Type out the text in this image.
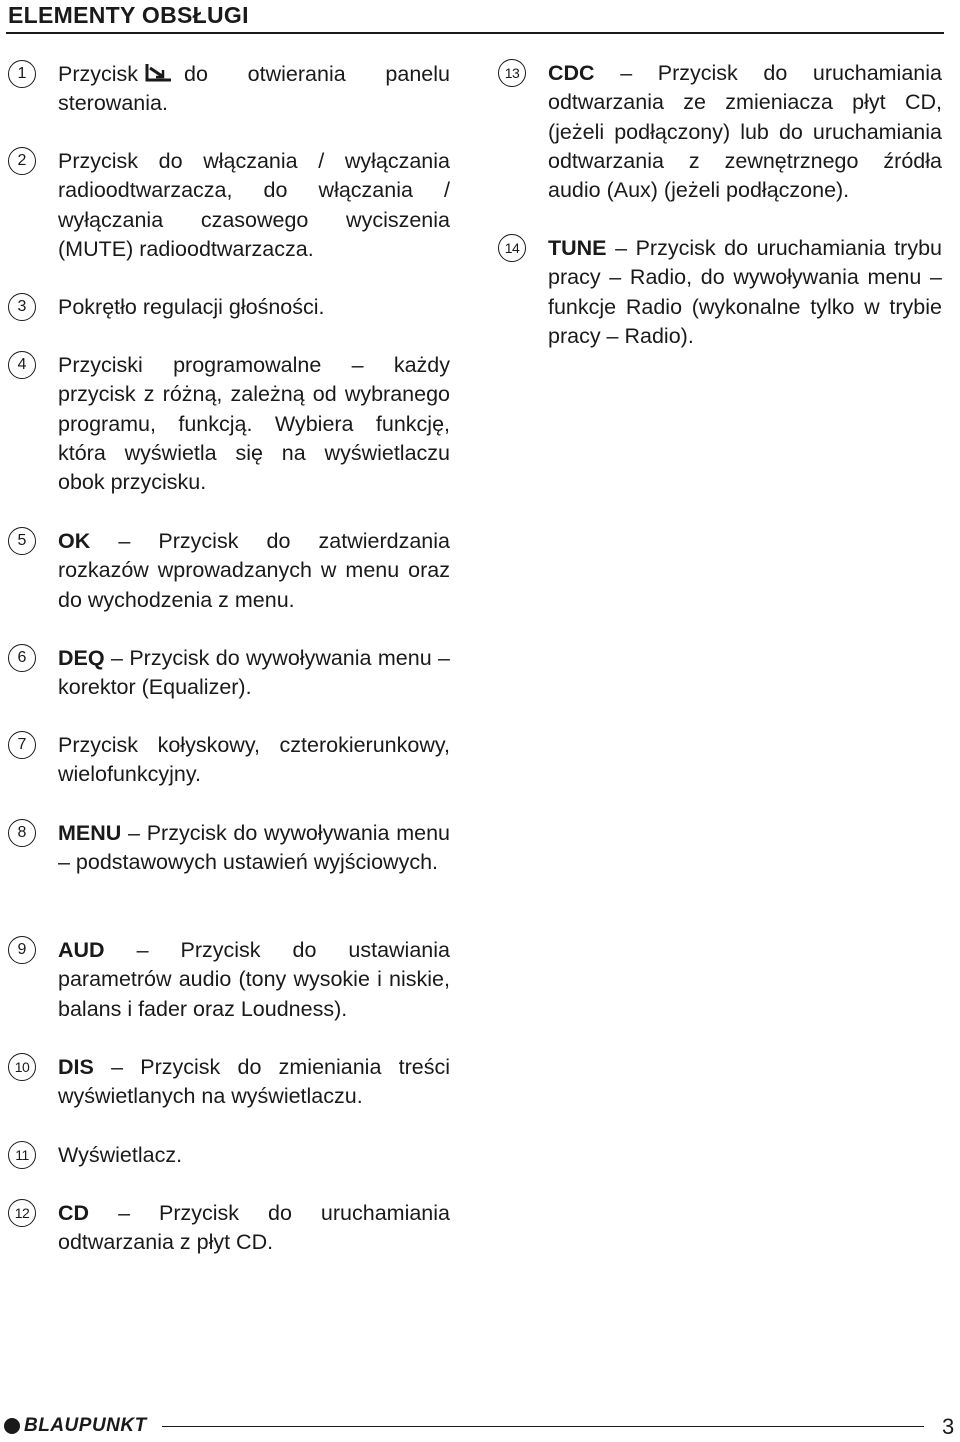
ELEMENTY OBSŁUGI
1	Przycisk do otwierania panelu sterowania.
2	Przycisk do włączania / wyłączania radioodtwarzacza, do włączania / wyłączania czasowego wyciszenia (MUTE) radioodtwarzacza.
3	Pokrętło regulacji głośności.
4	Przyciski programowalne – każdy przycisk z różną, zależną od wybranego programu, funkcją. Wybiera funkcję, która wyświetla się na wyświetlaczu obok przycisku.
5	OK – Przycisk do zatwierdzania rozkazów wprowadzanych w menu oraz do wychodzenia z menu.
6	DEQ – Przycisk do wywoływania menu – korektor (Equalizer).
7	Przycisk kołyskowy, czterokierunkowy, wielofunkcyjny.
8	MENU – Przycisk do wywoływania menu – podstawowych ustawień wyjściowych.
9	AUD – Przycisk do ustawiania parametrów audio (tony wysokie i niskie, balans i fader oraz Loudness).
10	DIS – Przycisk do zmieniania treści wyświetlanych na wyświetlaczu.
11	Wyświetlacz.
12	CD – Przycisk do uruchamiania odtwarzania z płyt CD.
13	CDC – Przycisk do uruchamiania odtwarzania ze zmieniacza płyt CD, (jeżeli podłączony) lub do uruchamiania odtwarzania z zewnętrznego źródła audio (Aux) (jeżeli podłączone).
14	TUNE – Przycisk do uruchamiania trybu pracy – Radio, do wywoływania menu – funkcje Radio (wykonalne tylko w trybie pracy – Radio).
BLAUPUNKT	3
